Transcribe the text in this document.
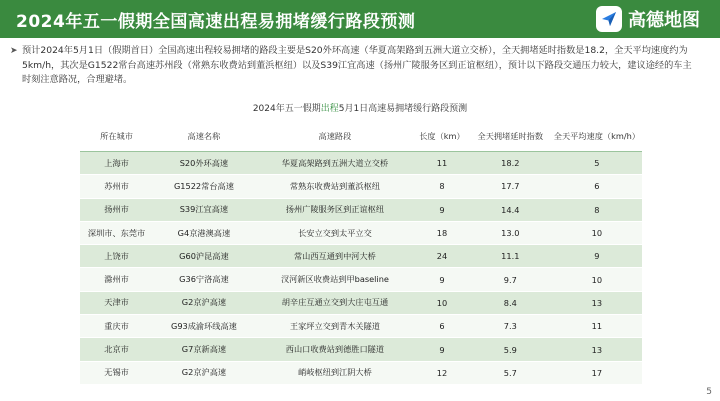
2024年五一假期全国高速出程易拥堵缓行路段预测	高德地图
➤ 预计2024年5月1日（假期首日）全国高速出程较易拥堵的路段主要是S20外环高速（华夏高架路到五洲大道立交桥），全天拥堵延时指数是18.2，全天平均速度约为5km/h，其次是G1522常台高速苏州段（常熟东收费站到董浜枢纽）以及S39江宜高速（扬州广陵服务区到正谊枢纽），预计以下路段交通压力较大，建议途经的车主时刻注意路况，合理避堵。
2024年五一假期出程5月1日高速易拥堵缓行路段预测
所在城市	高速名称	高速路段	长度（km）	全天拥堵延时指数	全天平均速度（km/h）
上海市	S20外环高速	华夏高架路到五洲大道立交桥	11	18.2	5
苏州市	G1522常台高速	常熟东收费站到董浜枢纽	8	17.7	6
扬州市	S39江宜高速	扬州广陵服务区到正谊枢纽	9	14.4	8
深圳市、东莞市	G4京港澳高速	长安立交到太平立交	18	13.0	10
上饶市	G60沪昆高速	常山西互通到中河大桥	24	11.1	9
滁州市	G36宁洛高速	汊河新区收费站到甲baseline	9	9.7	10
天津市	G2京沪高速	胡辛庄互通立交到大庄屯互通	10	8.4	13
重庆市	G93成渝环线高速	王家坪立交到青木关隧道	6	7.3	11
北京市	G7京新高速	西山口收费站到德胜口隧道	9	5.9	13
无锡市	G2京沪高速	峭岐枢纽到江阴大桥	12	5.7	17
5
